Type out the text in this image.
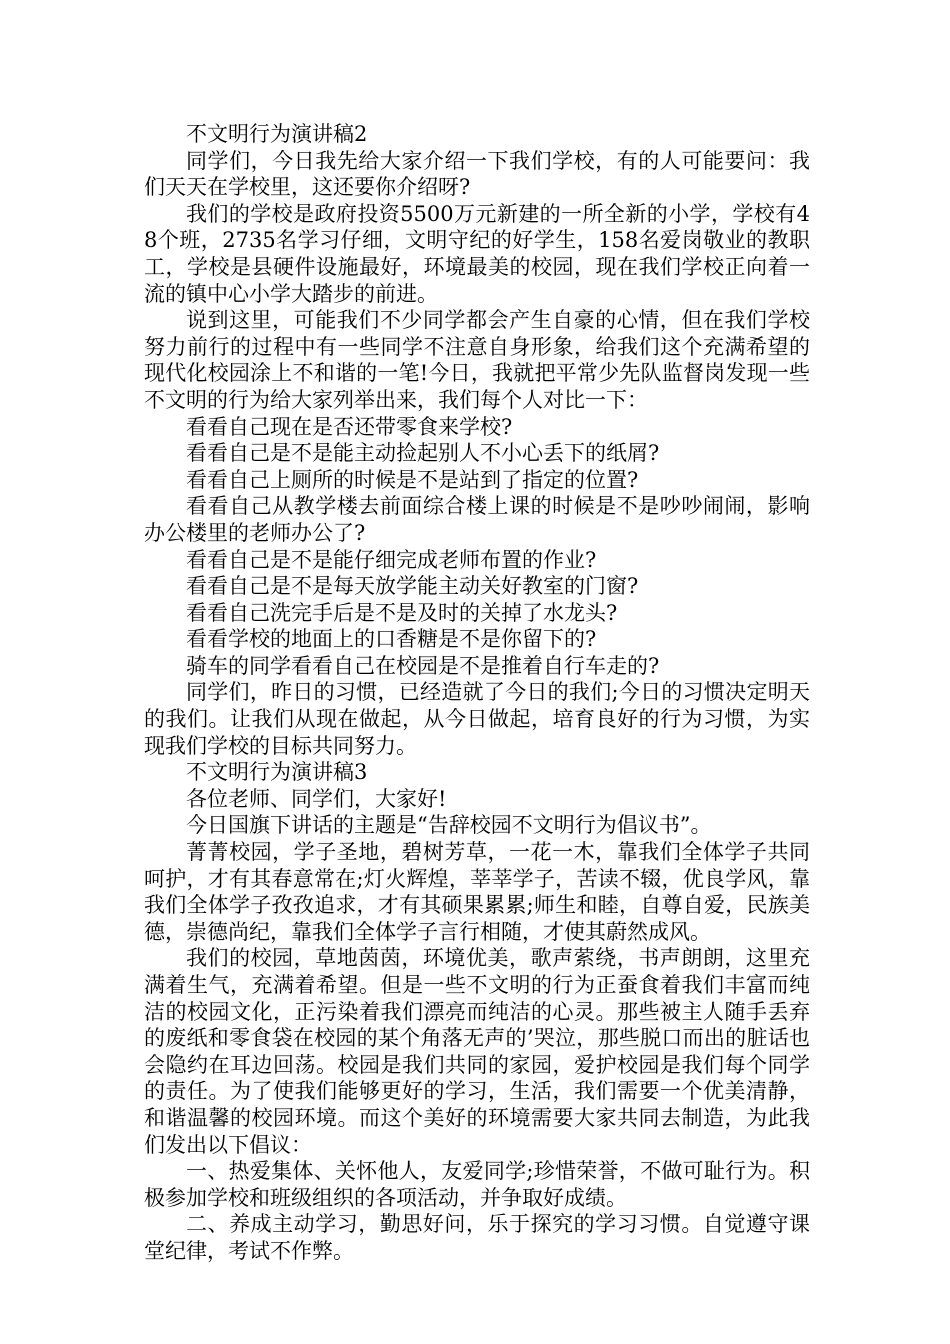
不文明行为演讲稿2

同学们，今日我先给大家介绍一下我们学校，有的人可能要问：我们天天在学校里，这还要你介绍呀?

我们的学校是政府投资5500万元新建的一所全新的小学，学校有48个班，2735名学习仔细，文明守纪的好学生，158名爱岗敬业的教职工，学校是县硬件设施最好，环境最美的校园，现在我们学校正向着一流的镇中心小学大踏步的前进。

说到这里，可能我们不少同学都会产生自豪的心情，但在我们学校努力前行的过程中有一些同学不注意自身形象，给我们这个充满希望的现代化校园涂上不和谐的一笔!今日，我就把平常少先队监督岗发现一些不文明的行为给大家列举出来，我们每个人对比一下：

看看自己现在是否还带零食来学校?

看看自己是不是能主动捡起别人不小心丢下的纸屑?

看看自己上厕所的时候是不是站到了指定的位置?

看看自己从教学楼去前面综合楼上课的时候是不是吵吵闹闹，影响办公楼里的老师办公了?

看看自己是不是能仔细完成老师布置的作业?

看看自己是不是每天放学能主动关好教室的门窗?

看看自己洗完手后是不是及时的关掉了水龙头?

看看学校的地面上的口香糖是不是你留下的?

骑车的同学看看自己在校园是不是推着自行车走的?

同学们，昨日的习惯，已经造就了今日的我们;今日的习惯决定明天的我们。让我们从现在做起，从今日做起，培育良好的行为习惯，为实现我们学校的目标共同努力。

不文明行为演讲稿3

各位老师、同学们，大家好!

今日国旗下讲话的主题是“告辞校园不文明行为倡议书”。

菁菁校园，学子圣地，碧树芳草，一花一木，靠我们全体学子共同呵护，才有其春意常在;灯火辉煌，莘莘学子，苦读不辍，优良学风，靠我们全体学子孜孜追求，才有其硕果累累;师生和睦，自尊自爱，民族美德，崇德尚纪，靠我们全体学子言行相随，才使其蔚然成风。

我们的校园，草地茵茵，环境优美，歌声萦绕，书声朗朗，这里充满着生气，充满着希望。但是一些不文明的行为正蚕食着我们丰富而纯洁的校园文化，正污染着我们漂亮而纯洁的心灵。那些被主人随手丢弃的废纸和零食袋在校园的某个角落无声的’哭泣，那些脱口而出的脏话也会隐约在耳边回荡。校园是我们共同的家园，爱护校园是我们每个同学的责任。为了使我们能够更好的学习，生活，我们需要一个优美清静，和谐温馨的校园环境。而这个美好的环境需要大家共同去制造，为此我们发出以下倡议：

一、热爱集体、关怀他人，友爱同学;珍惜荣誉，不做可耻行为。积极参加学校和班级组织的各项活动，并争取好成绩。

二、养成主动学习，勤思好问，乐于探究的学习习惯。自觉遵守课堂纪律，考试不作弊。
